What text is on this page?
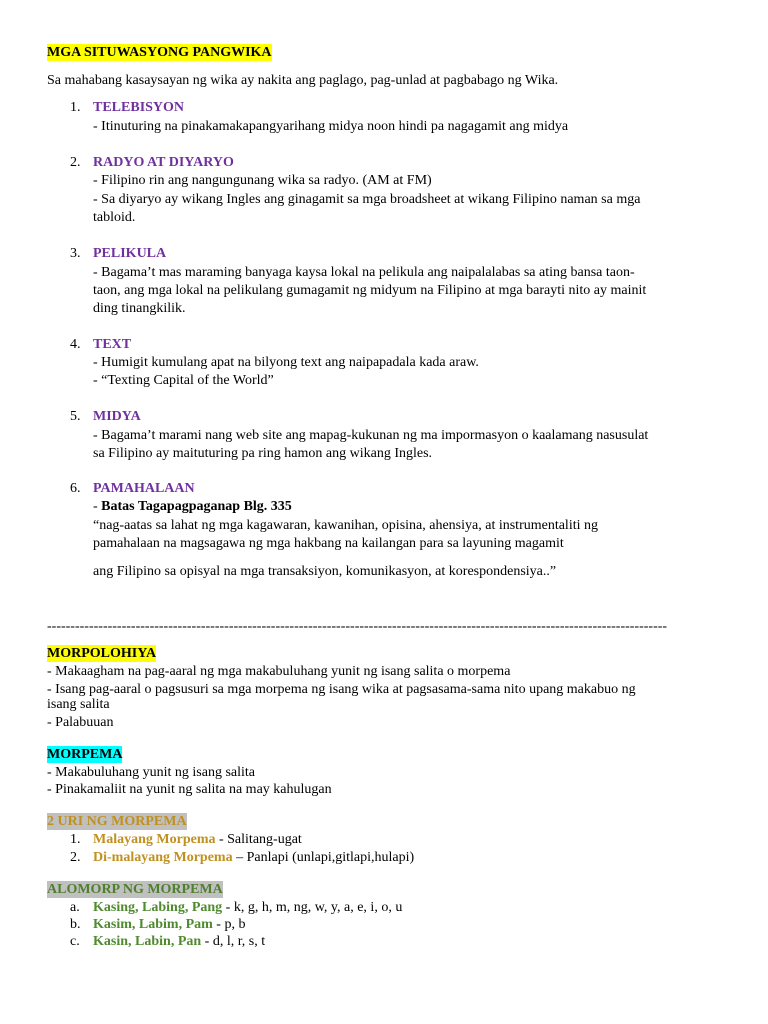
MGA SITUWASYONG PANGWIKA
Sa mahabang kasaysayan ng wika ay nakita ang paglago, pag-unlad at pagbabago ng Wika.
1. TELEBISYON
- Itinuturing na pinakamakapangyarihang midya noon hindi pa nagagamit ang midya
2. RADYO AT DIYARYO
- Filipino rin ang nangungunang wika sa radyo. (AM at FM)
- Sa diyaryo ay wikang Ingles ang ginagamit sa mga broadsheet at wikang Filipino naman sa mga
tabloid.
3. PELIKULA
- Bagama’t mas maraming banyaga kaysa lokal na pelikula ang naipalalabas sa ating bansa taon-
taon, ang mga lokal na pelikulang gumagamit ng midyum na Filipino at mga barayti nito ay mainit
ding tinangkilik.
4. TEXT
- Humigit kumulang apat na bilyong text ang naipapadala kada araw.
- “Texting Capital of the World”
5. MIDYA
- Bagama’t marami nang web site ang mapag-kukunan ng ma impormasyon o kaalamang nasusulat
sa Filipino ay maituturing pa ring hamon ang wikang Ingles.
6. PAMAHALAAN
- Batas Tagapagpaganap Blg. 335
“nag-aatas sa lahat ng mga kagawaran, kawanihan, opisina, ahensiya, at instrumentaliti ng
pamahalaan na magsagawa ng mga hakbang na kailangan para sa layuning magamit
ang Filipino sa opisyal na mga transaksiyon, komunikasyon, at korespondensiya..”
-------------------------------------------------------------------------------------------------------------------------------------
MORPOLOHIYA
- Makaagham na pag-aaral ng mga makabuluhang yunit ng isang salita o morpema
- Isang pag-aaral o pagsusuri sa mga morpema ng isang wika at pagsasama-sama nito upang makabuo ng
isang salita
- Palabuuan
MORPEMA
- Makabuluhang yunit ng isang salita
- Pinakamaliit na yunit ng salita na may kahulugan
2 URI NG MORPEMA
1. Malayang Morpema - Salitang-ugat
2. Di-malayang Morpema – Panlapi (unlapi,gitlapi,hulapi)
ALOMORP NG MORPEMA
a. Kasing, Labing, Pang - k, g, h, m, ng, w, y, a, e, i, o, u
b. Kasim, Labim, Pam - p, b
c. Kasin, Labin, Pan - d, l, r, s, t
